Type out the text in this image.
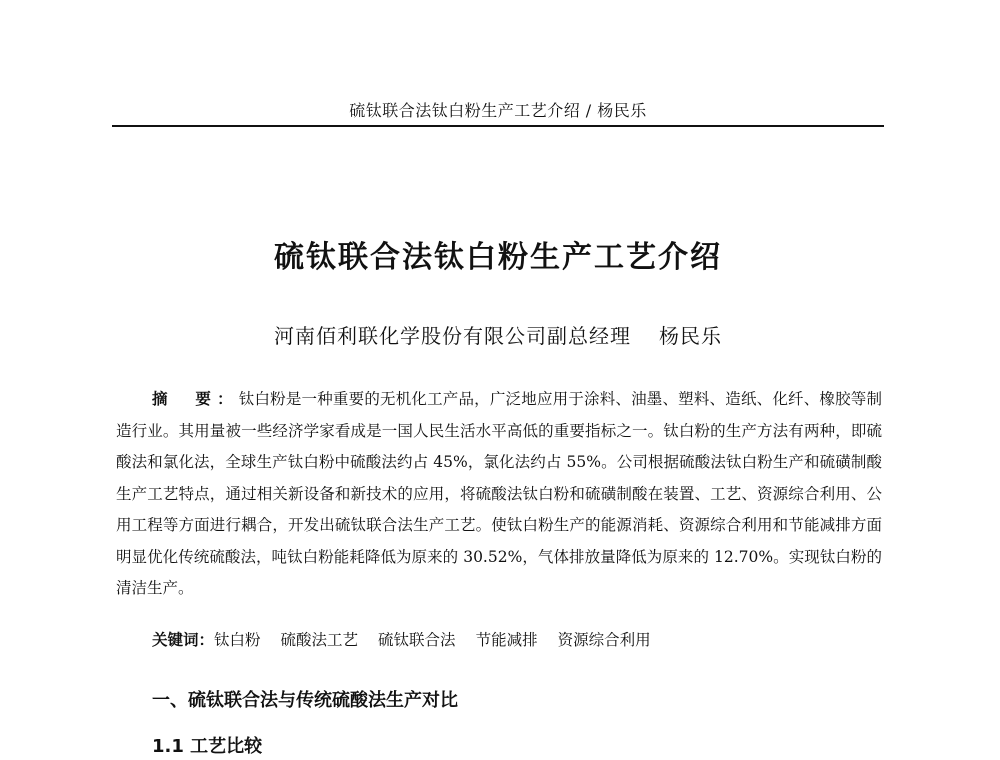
硫钛联合法钛白粉生产工艺介绍 / 杨民乐
硫钛联合法钛白粉生产工艺介绍
河南佰利联化学股份有限公司副总经理 杨民乐
摘　要：钛白粉是一种重要的无机化工产品，广泛地应用于涂料、油墨、塑料、造纸、化纤、橡胶等制造行业。其用量被一些经济学家看成是一国人民生活水平高低的重要指标之一。钛白粉的生产方法有两种，即硫酸法和氯化法，全球生产钛白粉中硫酸法约占 45%，氯化法约占 55%。公司根据硫酸法钛白粉生产和硫磺制酸生产工艺特点，通过相关新设备和新技术的应用，将硫酸法钛白粉和硫磺制酸在装置、工艺、资源综合利用、公用工程等方面进行耦合，开发出硫钛联合法生产工艺。使钛白粉生产的能源消耗、资源综合利用和节能减排方面明显优化传统硫酸法，吨钛白粉能耗降低为原来的 30.52%，气体排放量降低为原来的 12.70%。实现钛白粉的清洁生产。
关键词：钛白粉 硫酸法工艺 硫钛联合法 节能减排 资源综合利用
一、硫钛联合法与传统硫酸法生产对比
1.1 工艺比较
